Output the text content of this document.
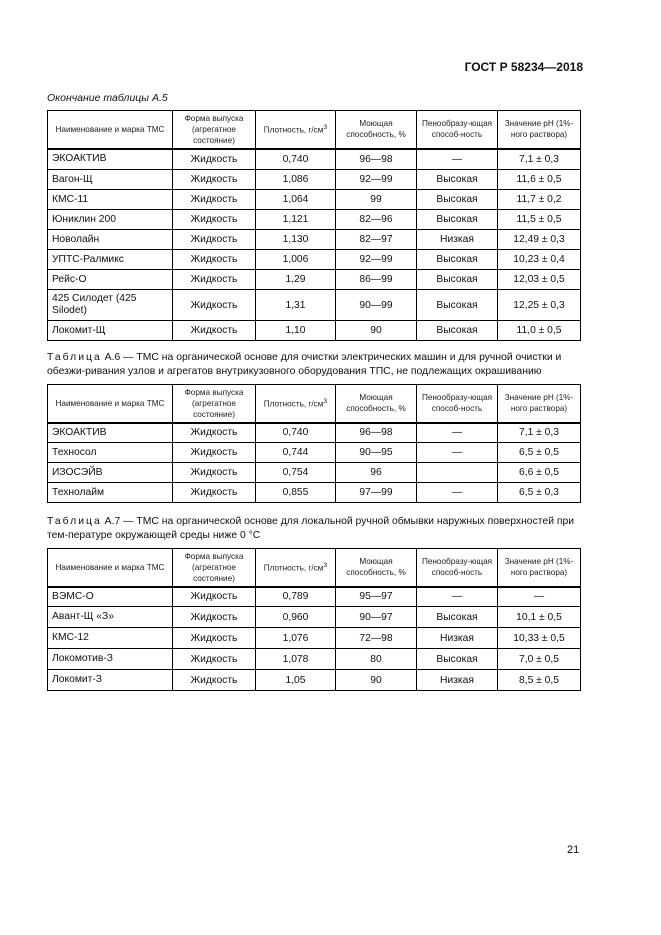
ГОСТ Р 58234—2018
Окончание таблицы А.5
Наименование и марка ТМС	Форма выпуска (агрегатное состояние)	Плотность, $г/см^3$	Моющая способность, %	Пенообразу-ющая способ-ность	Значение рН (1%-ного раствора)
ЭКОАКТИВ	Жидкость	0,740	96—98	—	7,1 ± 0,3
Вагон-Щ	Жидкость	1,086	92—99	Высокая	11,6 ± 0,5
КМС-11	Жидкость	1,064	99	Высокая	11,7 ± 0,2
Юниклин 200	Жидкость	1,121	82—96	Высокая	11,5 ± 0,5
Новолайн	Жидкость	1,130	82—97	Низкая	12,49 ± 0,3
УПТС-Ралмикс	Жидкость	1,006	92—99	Высокая	10,23 ± 0,4
Рейс-О	Жидкость	1,29	86—99	Высокая	12,03 ± 0,5
425 Силодет (425 Silodet)	Жидкость	1,31	90—99	Высокая	12,25 ± 0,3
Локомит-Щ	Жидкость	1,10	90	Высокая	11,0 ± 0,5
Таблица А.6 — ТМС на органической основе для очистки электрических машин и для ручной очистки и обезжи-ривания узлов и агрегатов внутрикузовного оборудования ТПС, не подлежащих окрашиванию
Наименование и марка ТМС	Форма выпуска (агрегатное состояние)	Плотность, $г/см^3$	Моющая способность, %	Пенообразу-ющая способ-ность	Значение рН (1%-ного раствора)
ЭКОАКТИВ	Жидкость	0,740	96—98	—	7,1 ± 0,3
Техносол	Жидкость	0,744	90—95	—	6,5 ± 0,5
ИЗОСЭЙВ	Жидкость	0,754	96		6,6 ± 0,5
Технолайм	Жидкость	0,855	97—99	—	6,5 ± 0,3
Таблица А.7 — ТМС на органической основе для локальной ручной обмывки наружных поверхностей при тем-пературе окружающей среды ниже 0 °С
Наименование и марка ТМС	Форма выпуска (агрегатное состояние)	Плотность, $г/см^3$	Моющая способность, %	Пенообразу-ющая способ-ность	Значение рН (1%-ного раствора)
ВЭМС-О	Жидкость	0,789	95—97	—	—
Авант-Щ «З»	Жидкость	0,960	90—97	Высокая	10,1 ± 0,5
КМС-12	Жидкость	1,076	72—98	Низкая	10,33 ± 0,5
Локомотив-З	Жидкость	1,078	80	Высокая	7,0 ± 0,5
Локомит-З	Жидкость	1,05	90	Низкая	8,5 ± 0,5
21
